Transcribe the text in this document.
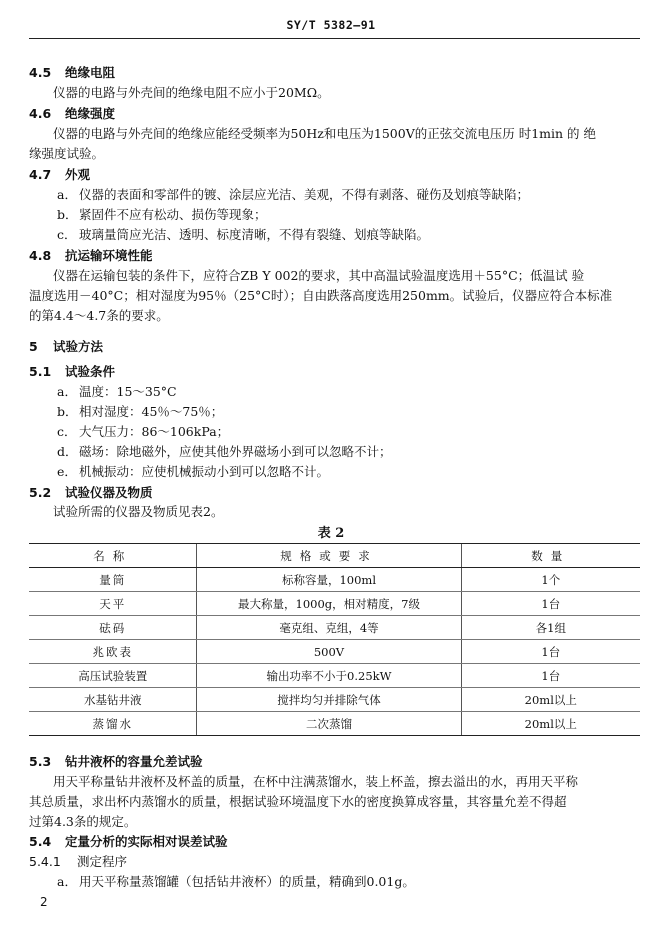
SY/T 5382—91
4.5 绝缘电阻
仪器的电路与外壳间的绝缘电阻不应小于20MΩ。
4.6 绝缘强度
仪器的电路与外壳间的绝缘应能经受频率为50Hz和电压为1500V的正弦交流电压历 时1min 的 绝
缘强度试验。
4.7 外观
a． 仪器的表面和零部件的镀、涂层应光洁、美观，不得有剥落、碰伤及划痕等缺陷；
b．紧固件不应有松动、损伤等现象；
c． 玻璃量筒应光洁、透明、标度清晰，不得有裂缝、划痕等缺陷。
4.8 抗运输环境性能
仪器在运输包装的条件下，应符合ZB Y 002的要求，其中高温试验温度选用＋55°C；低温试 验
温度选用－40°C；相对湿度为95％（25°C时）；自由跌落高度选用250mm。试验后，仪器应符合本标准
的第4.4～4.7条的要求。
5 试验方法
5.1 试验条件
a． 温度：15～35°C
b．相对湿度：45％～75％；
c． 大气压力：86～106kPa；
d．磁场：除地磁外，应使其他外界磁场小到可以忽略不计；
e． 机械振动：应使机械振动小到可以忽略不计。
5.2 试验仪器及物质
试验所需的仪器及物质见表2。
表 2
名称	规格或要求	数量
量筒	标称容量，100ml	1个
天平	最大称量，1000g，相对精度，7级	1台
砝码	毫克组、克组，4等	各1组
兆欧表	500V	1台
高压试验装置	输出功率不小于0.25kW	1台
水基钻井液	搅拌均匀并排除气体	20ml以上
蒸馏水	二次蒸馏	20ml以上
5.3 钻井液杯的容量允差试验
用天平称量钻井液杯及杯盖的质量，在杯中注满蒸馏水，装上杯盖，擦去溢出的水，再用天平称
其总质量，求出杯内蒸馏水的质量，根据试验环境温度下水的密度换算成容量，其容量允差不得超
过第4.3条的规定。
5.4 定量分析的实际相对误差试验
5.4.1 测定程序
a． 用天平称量蒸馏罐（包括钻井液杯）的质量，精确到0.01g。
2
